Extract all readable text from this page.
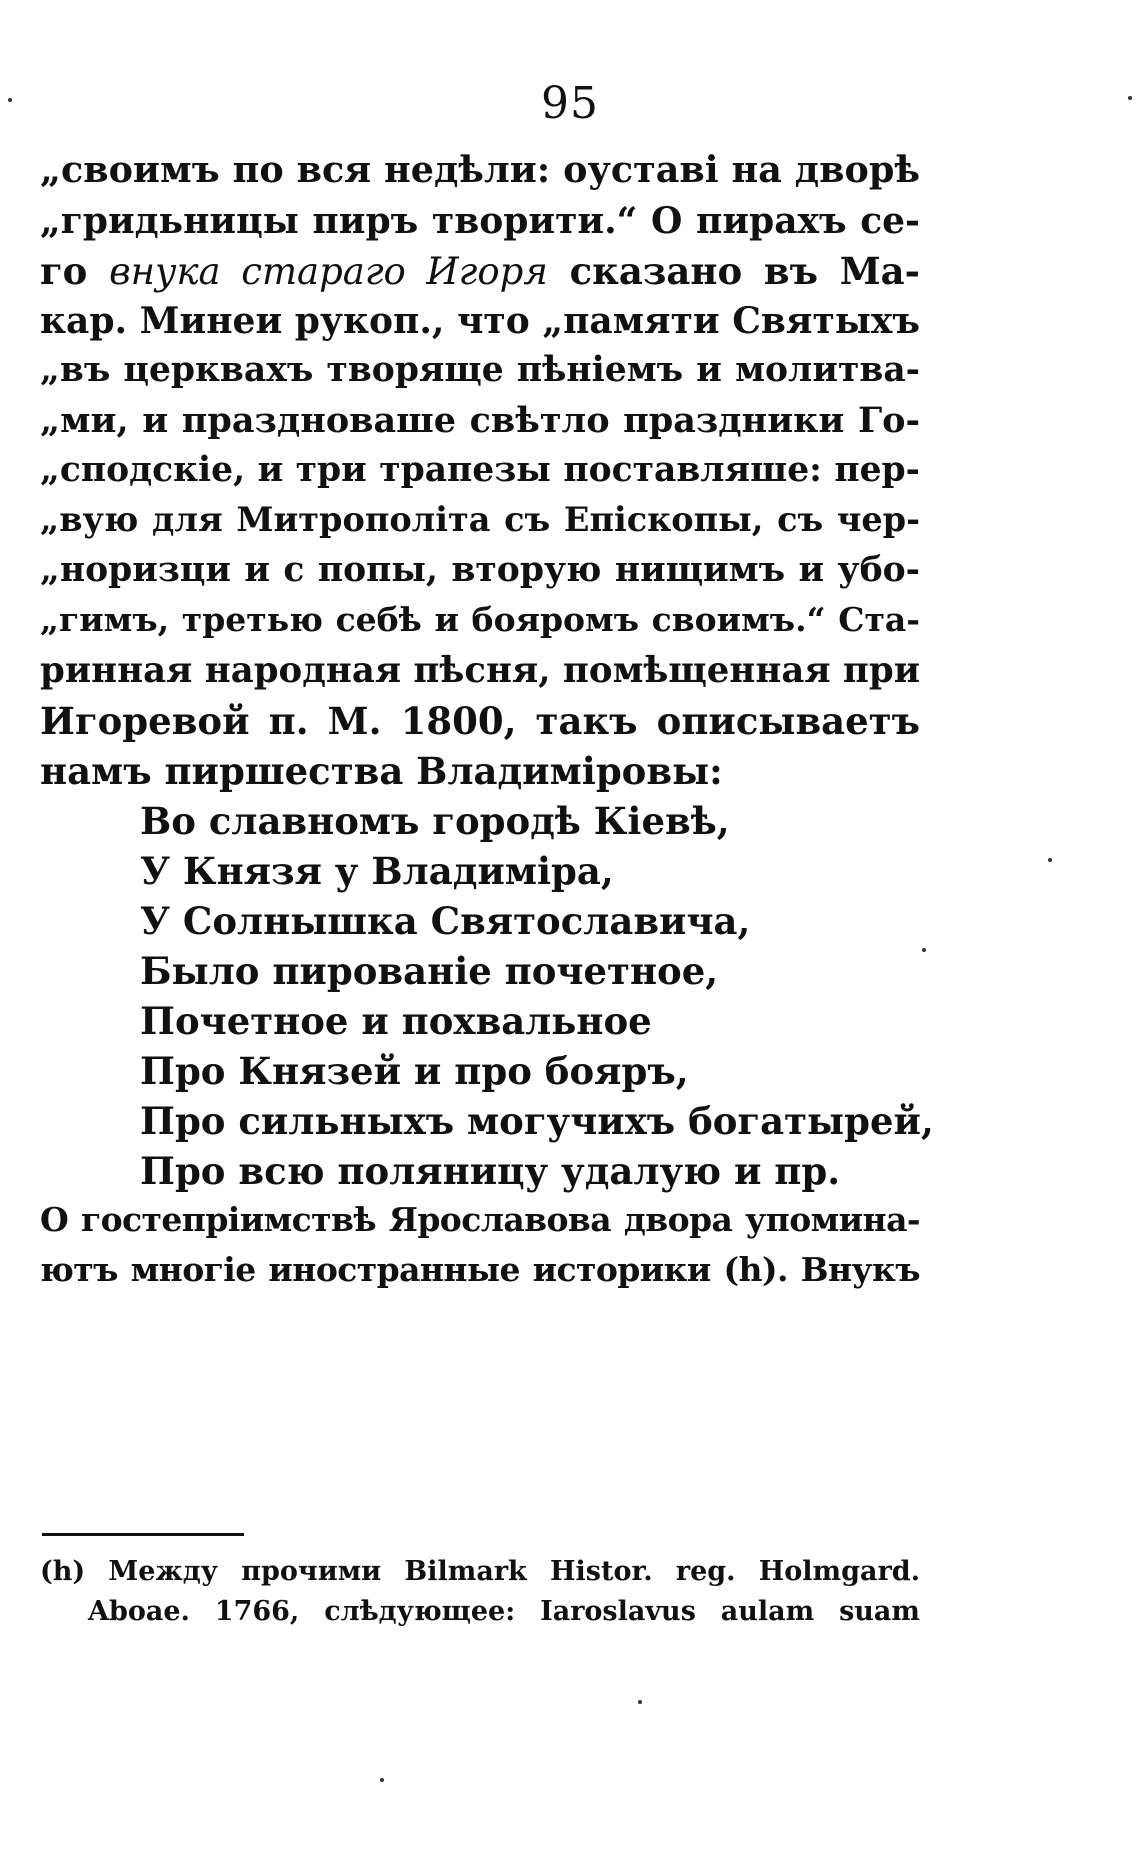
95
„своимъ по вся недѣли: оуставі на дворѣ
„гридьницы пиръ творити.“ О пирахъ се-
го внука стараго Игоря сказано въ Ма-
кар. Минеи рукоп., что „памяти Святыхъ
„въ церквахъ творяще пѣніемъ и молитва-
„ми, и праздноваше свѣтло праздники Го-
„сподскіе, и три трапезы поставляше: пер-
„вую для Митрополіта съ Епіскопы, съ чер-
„норизци и с попы, вторую нищимъ и убо-
„гимъ, третью себѣ и бояромъ своимъ.“ Ста-
ринная народная пѣсня, помѣщенная при
Игоревой п. М. 1800, такъ описываетъ
намъ пиршества Владиміровы:
Во славномъ городѣ Кіевѣ,
У Князя у Владиміра,
У Солнышка Святославича,
Было пированіе почетное,
Почетное и похвальное
Про Князей и про бояръ,
Про сильныхъ могучихъ богатырей,
Про всю поляницу удалую и пр.
О гостепріимствѣ Ярославова двора упомина-
ютъ многіе иностранные историки (h). Внукъ
(h) Между прочими Bilmark Histor. reg. Holmgard.
Aboae. 1766, слѣдующее: Iaroslavus aulam suam
